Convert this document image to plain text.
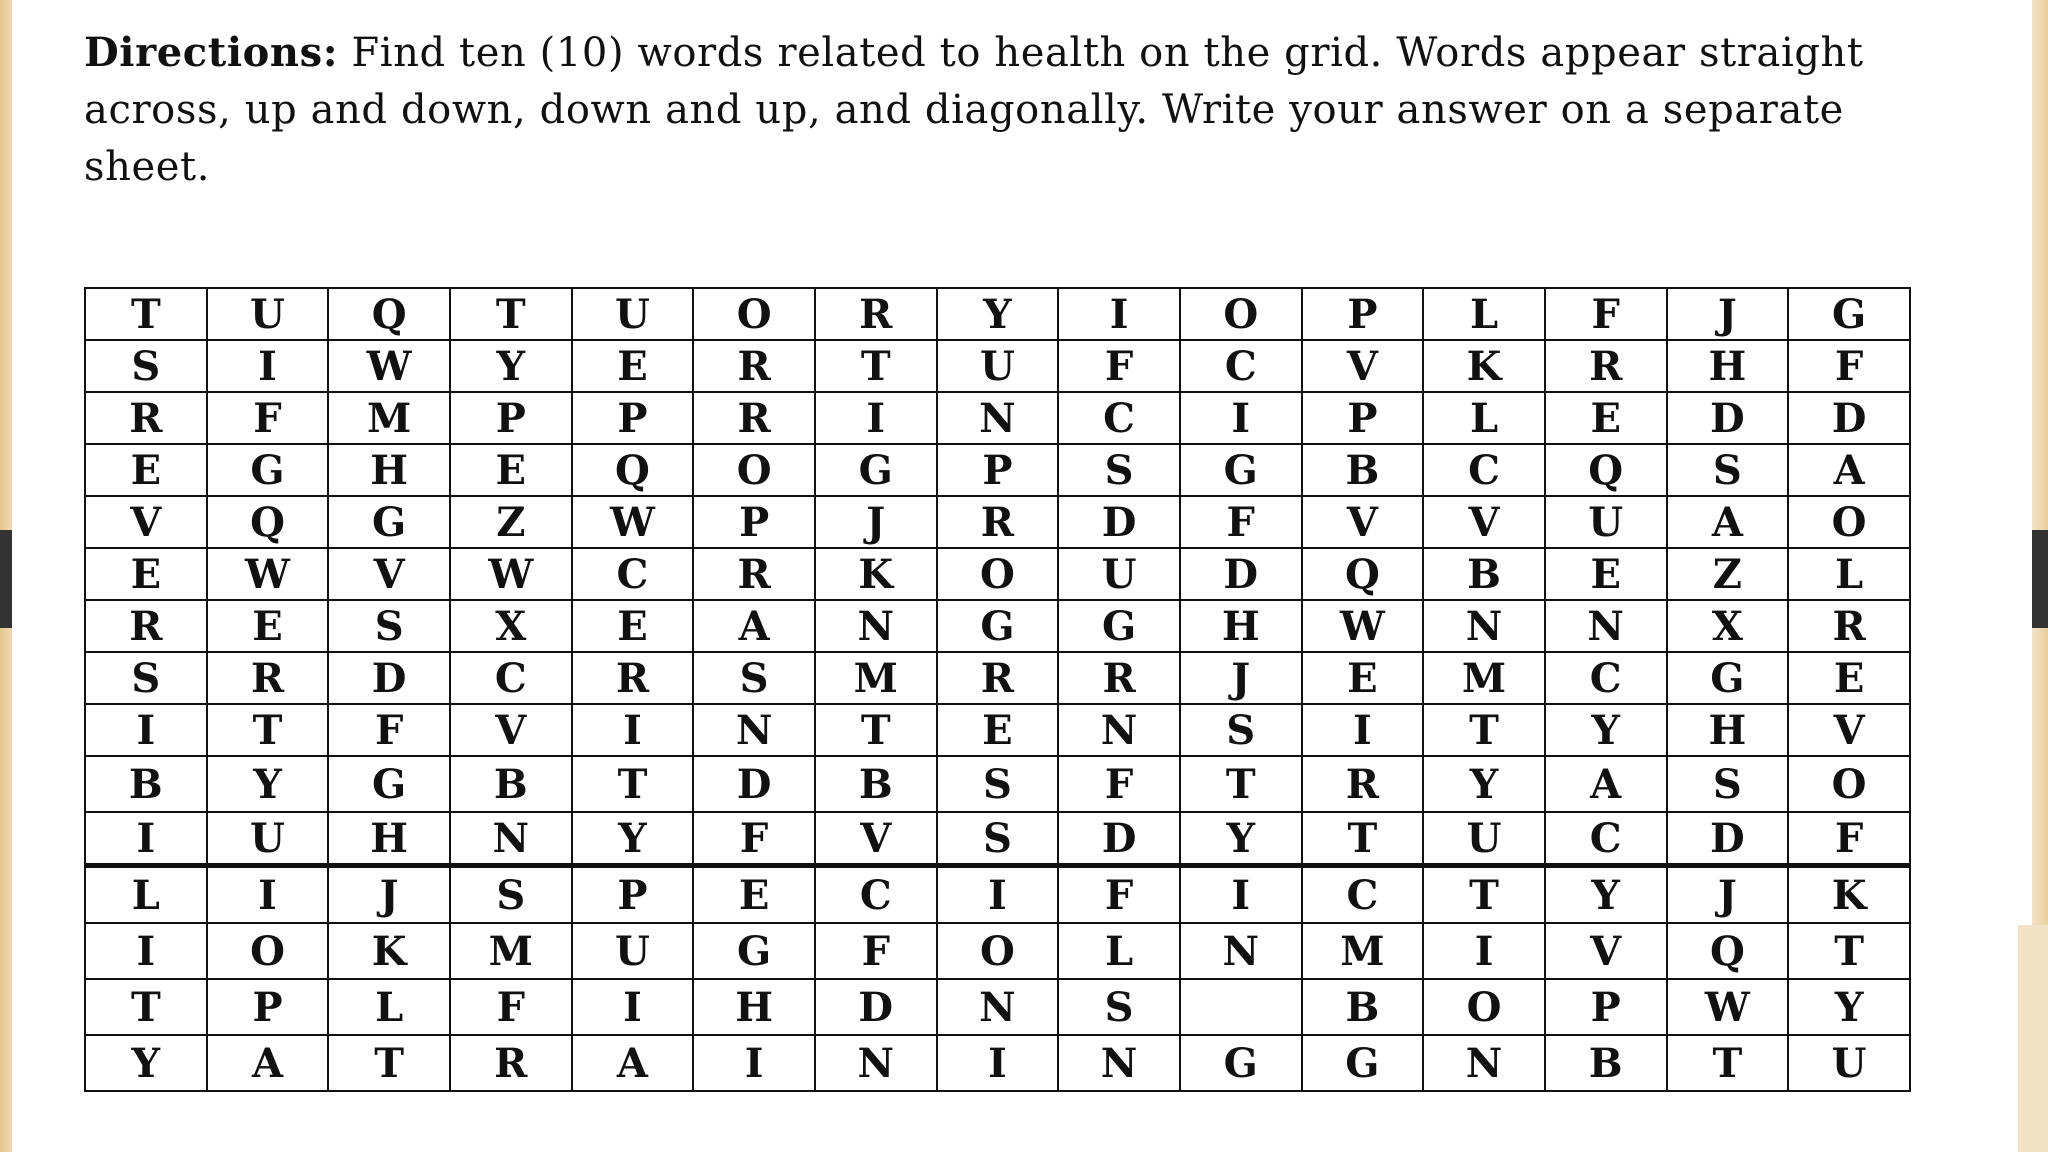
Directions: Find ten (10) words related to health on the grid. Words appear straight across, up and down, down and up, and diagonally. Write your answer on a separate sheet.

T	U	Q	T	U	O	R	Y	I	O	P	L	F	J	G
S	I	W	Y	E	R	T	U	F	C	V	K	R	H	F
R	F	M	P	P	R	I	N	C	I	P	L	E	D	D
E	G	H	E	Q	O	G	P	S	G	B	C	Q	S	A
V	Q	G	Z	W	P	J	R	D	F	V	V	U	A	O
E	W	V	W	C	R	K	O	U	D	Q	B	E	Z	L
R	E	S	X	E	A	N	G	G	H	W	N	N	X	R
S	R	D	C	R	S	M	R	R	J	E	M	C	G	E
I	T	F	V	I	N	T	E	N	S	I	T	Y	H	V
B	Y	G	B	T	D	B	S	F	T	R	Y	A	S	O
I	U	H	N	Y	F	V	S	D	Y	T	U	C	D	F
L	I	J	S	P	E	C	I	F	I	C	T	Y	J	K
I	O	K	M	U	G	F	O	L	N	M	I	V	Q	T
T	P	L	F	I	H	D	N	S		B	O	P	W	Y
Y	A	T	R	A	I	N	I	N	G	G	N	B	T	U
